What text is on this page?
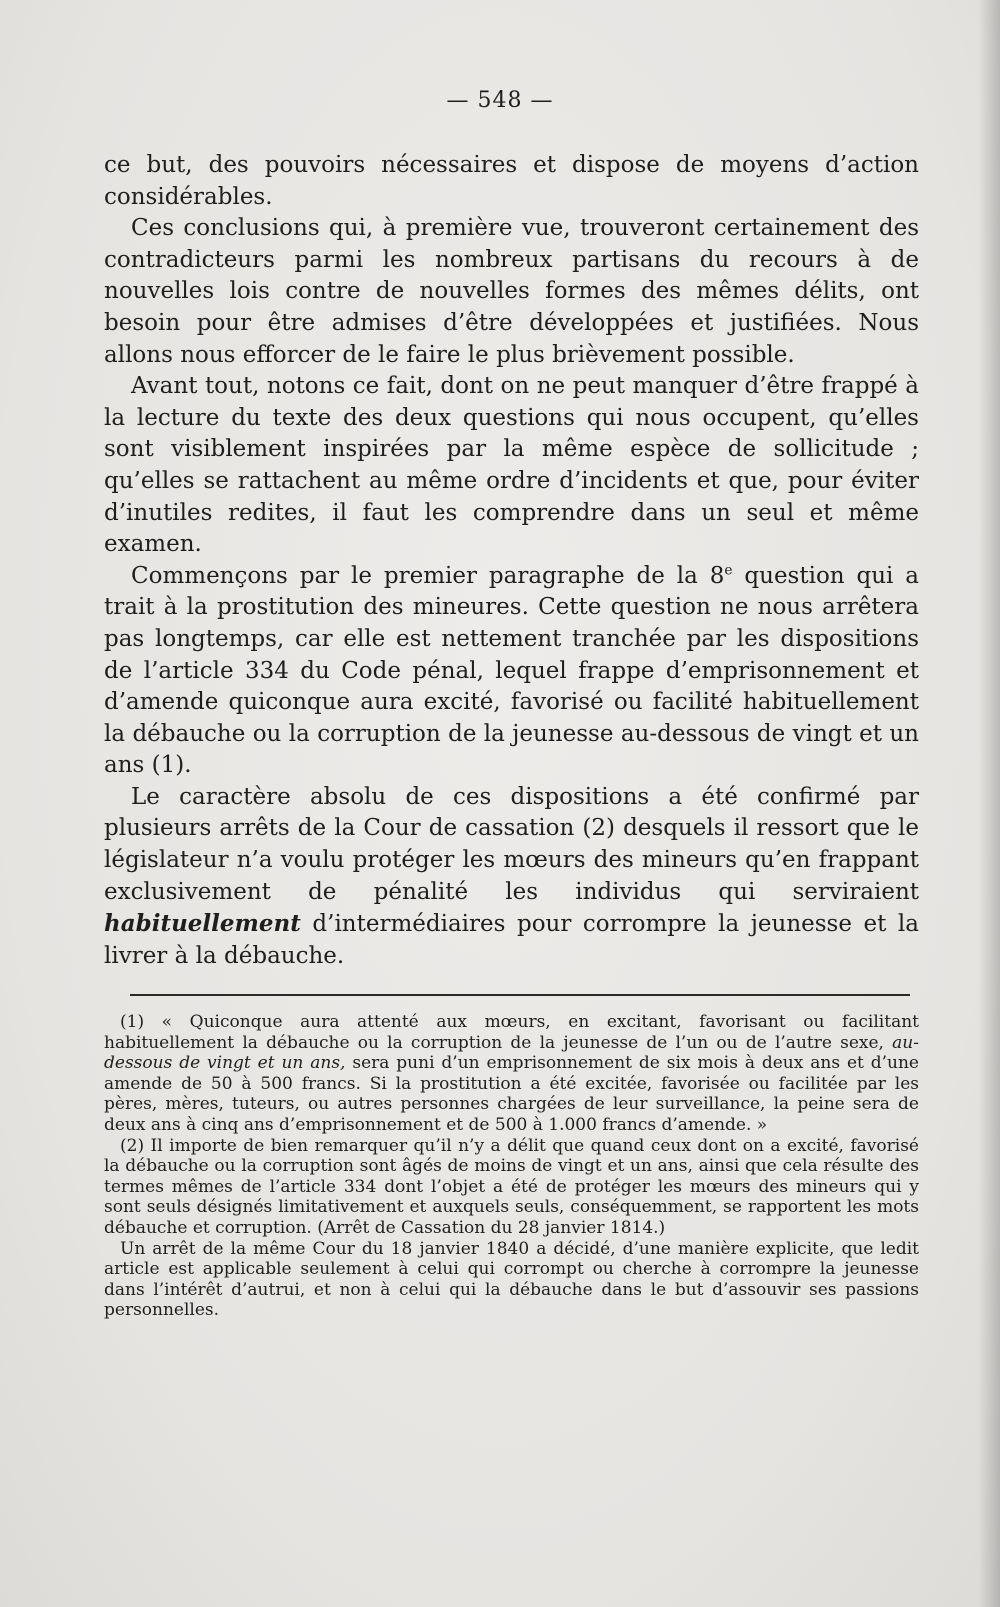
— 548 —

ce but, des pouvoirs nécessaires et dispose de moyens d’action considérables.

Ces conclusions qui, à première vue, trouveront certainement des contradicteurs parmi les nombreux partisans du recours à de nouvelles lois contre de nouvelles formes des mêmes délits, ont besoin pour être admises d’être développées et justifiées. Nous allons nous efforcer de le faire le plus brièvement possible.

Avant tout, notons ce fait, dont on ne peut manquer d’être frappé à la lecture du texte des deux questions qui nous occupent, qu’elles sont visiblement inspirées par la même espèce de sollicitude ; qu’elles se rattachent au même ordre d’incidents et que, pour éviter d’inutiles redites, il faut les comprendre dans un seul et même examen.

Commençons par le premier paragraphe de la 8e question qui a trait à la prostitution des mineures. Cette question ne nous arrêtera pas longtemps, car elle est nettement tranchée par les dispositions de l’article 334 du Code pénal, lequel frappe d’emprisonnement et d’amende quiconque aura excité, favorisé ou facilité habituellement la débauche ou la corruption de la jeunesse au-dessous de vingt et un ans (1).

Le caractère absolu de ces dispositions a été confirmé par plusieurs arrêts de la Cour de cassation (2) desquels il ressort que le législateur n’a voulu protéger les mœurs des mineurs qu’en frappant exclusivement de pénalité les individus qui serviraient habituellement d’intermédiaires pour corrompre la jeunesse et la livrer à la débauche.

(1) « Quiconque aura attenté aux mœurs, en excitant, favorisant ou facilitant habituellement la débauche ou la corruption de la jeunesse de l’un ou de l’autre sexe, au-dessous de vingt et un ans, sera puni d’un emprisonnement de six mois à deux ans et d’une amende de 50 à 500 francs. Si la prostitution a été excitée, favorisée ou facilitée par les pères, mères, tuteurs, ou autres personnes chargées de leur surveillance, la peine sera de deux ans à cinq ans d’emprisonnement et de 500 à 1.000 francs d’amende. »

(2) Il importe de bien remarquer qu’il n’y a délit que quand ceux dont on a excité, favorisé la débauche ou la corruption sont âgés de moins de vingt et un ans, ainsi que cela résulte des termes mêmes de l’article 334 dont l’objet a été de protéger les mœurs des mineurs qui y sont seuls désignés limitativement et auxquels seuls, conséquemment, se rapportent les mots débauche et corruption. (Arrêt de Cassation du 28 janvier 1814.)

Un arrêt de la même Cour du 18 janvier 1840 a décidé, d’une manière explicite, que ledit article est applicable seulement à celui qui corrompt ou cherche à corrompre la jeunesse dans l’intérêt d’autrui, et non à celui qui la débauche dans le but d’assouvir ses passions personnelles.
